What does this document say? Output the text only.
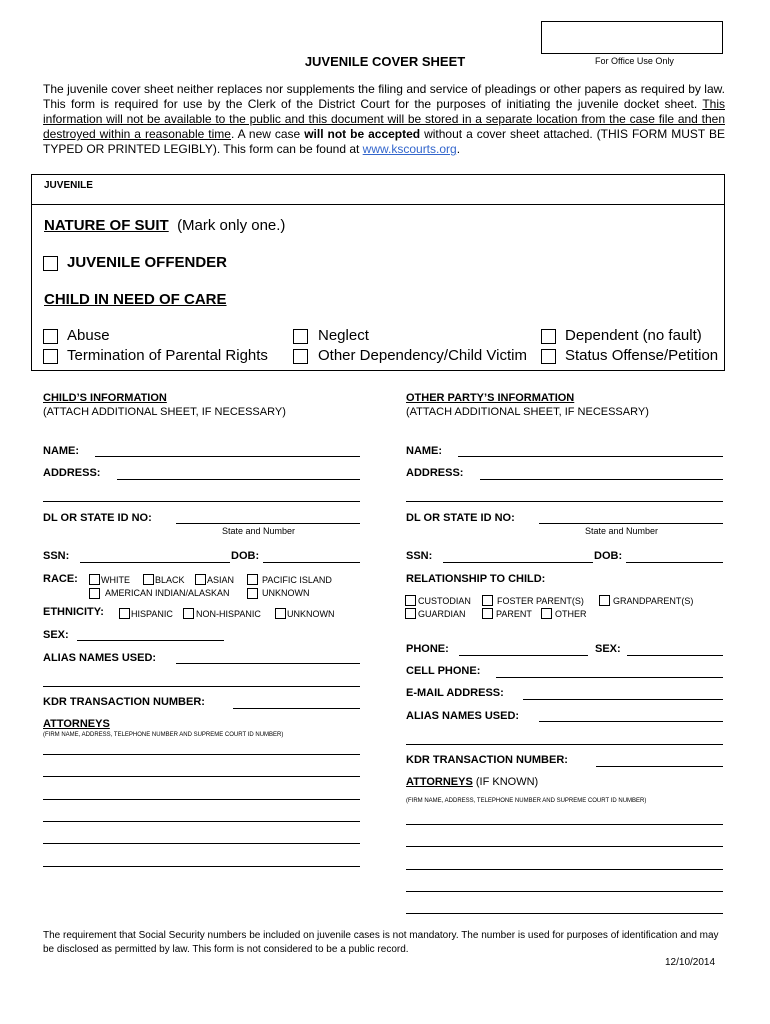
For Office Use Only
JUVENILE COVER SHEET
The juvenile cover sheet neither replaces nor supplements the filing and service of pleadings or other papers as required by law. This form is required for use by the Clerk of the District Court for the purposes of initiating the juvenile docket sheet. This information will not be available to the public and this document will be stored in a separate location from the case file and then destroyed within a reasonable time. A new case will not be accepted without a cover sheet attached. (THIS FORM MUST BE TYPED OR PRINTED LEGIBLY). This form can be found at www.kscourts.org.
JUVENILE
NATURE OF SUIT (Mark only one.)
JUVENILE OFFENDER
CHILD IN NEED OF CARE
Abuse	Neglect	Dependent (no fault)
Termination of Parental Rights	Other Dependency/Child Victim	Status Offense/Petition
CHILD’S INFORMATION
(ATTACH ADDITIONAL SHEET, IF NECESSARY)
NAME:
ADDRESS:
DL OR STATE ID NO:
State and Number
SSN:	DOB:
RACE:	WHITE	BLACK ASIAN	PACIFIC ISLAND
AMERICAN INDIAN/ALASKAN	UNKNOWN
ETHNICITY:	HISPANIC	NON-HISPANIC	UNKNOWN
SEX:
ALIAS NAMES USED:
KDR TRANSACTION NUMBER:
ATTORNEYS
(FIRM NAME, ADDRESS, TELEPHONE NUMBER AND SUPREME COURT ID NUMBER)
OTHER PARTY’S INFORMATION
(ATTACH ADDITIONAL SHEET, IF NECESSARY)
NAME:
ADDRESS:
DL OR STATE ID NO:
State and Number
SSN:	DOB:
RELATIONSHIP TO CHILD:
CUSTODIAN	FOSTER PARENT(S)	GRANDPARENT(S)
GUARDIAN	PARENT	OTHER
PHONE:	SEX:
CELL PHONE:
E-MAIL ADDRESS:
ALIAS NAMES USED:
KDR TRANSACTION NUMBER:
ATTORNEYS (IF KNOWN)
(FIRM NAME, ADDRESS, TELEPHONE NUMBER AND SUPREME COURT ID NUMBER)
The requirement that Social Security numbers be included on juvenile cases is not mandatory. The number is used for purposes of identification and may be disclosed as permitted by law. This form is not considered to be a public record.
12/10/2014
